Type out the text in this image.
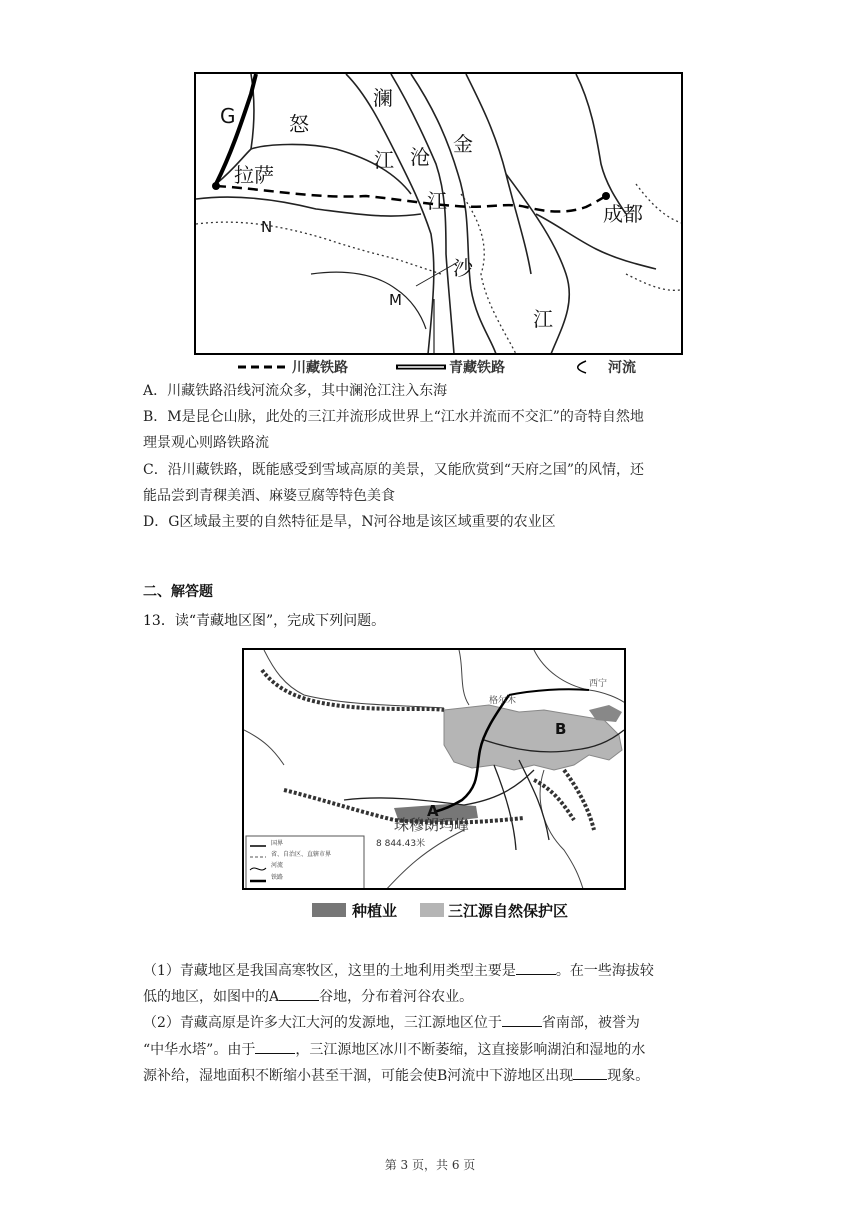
G
澜
怒
拉萨
江 沧
金
江
成都
N
沙
M
江
川藏铁路	青藏铁路	河流
A．川藏铁路沿线河流众多，其中澜沧江注入东海
B．M是昆仑山脉，此处的三江并流形成世界上“江水并流而不交汇”的奇特自然地
理景观心则路铁路流
C．沿川藏铁路，既能感受到雪域高原的美景，又能欣赏到“天府之国”的风情，还
能品尝到青稞美酒、麻婆豆腐等特色美食
D．G区域最主要的自然特征是旱，N河谷地是该区域重要的农业区
二、解答题
13．读“青藏地区图”，完成下列问题。
西宁
格尔木
B
A
珠穆朗玛峰
8 844.43米
国界
省、自治区、直辖市界
河流
铁路
种植业	三江源自然保护区
（1）青藏地区是我国高寒牧区，这里的土地利用类型主要是	。在一些海拔较
低的地区，如图中的A	谷地，分布着河谷农业。
（2）青藏高原是许多大江大河的发源地，三江源地区位于	省南部，被誉为
“中华水塔”。由于	，三江源地区冰川不断萎缩，这直接影响湖泊和湿地的水
源补给，湿地面积不断缩小甚至干涸，可能会使B河流中下游地区出现 现象。
第 3 页，共 6 页
